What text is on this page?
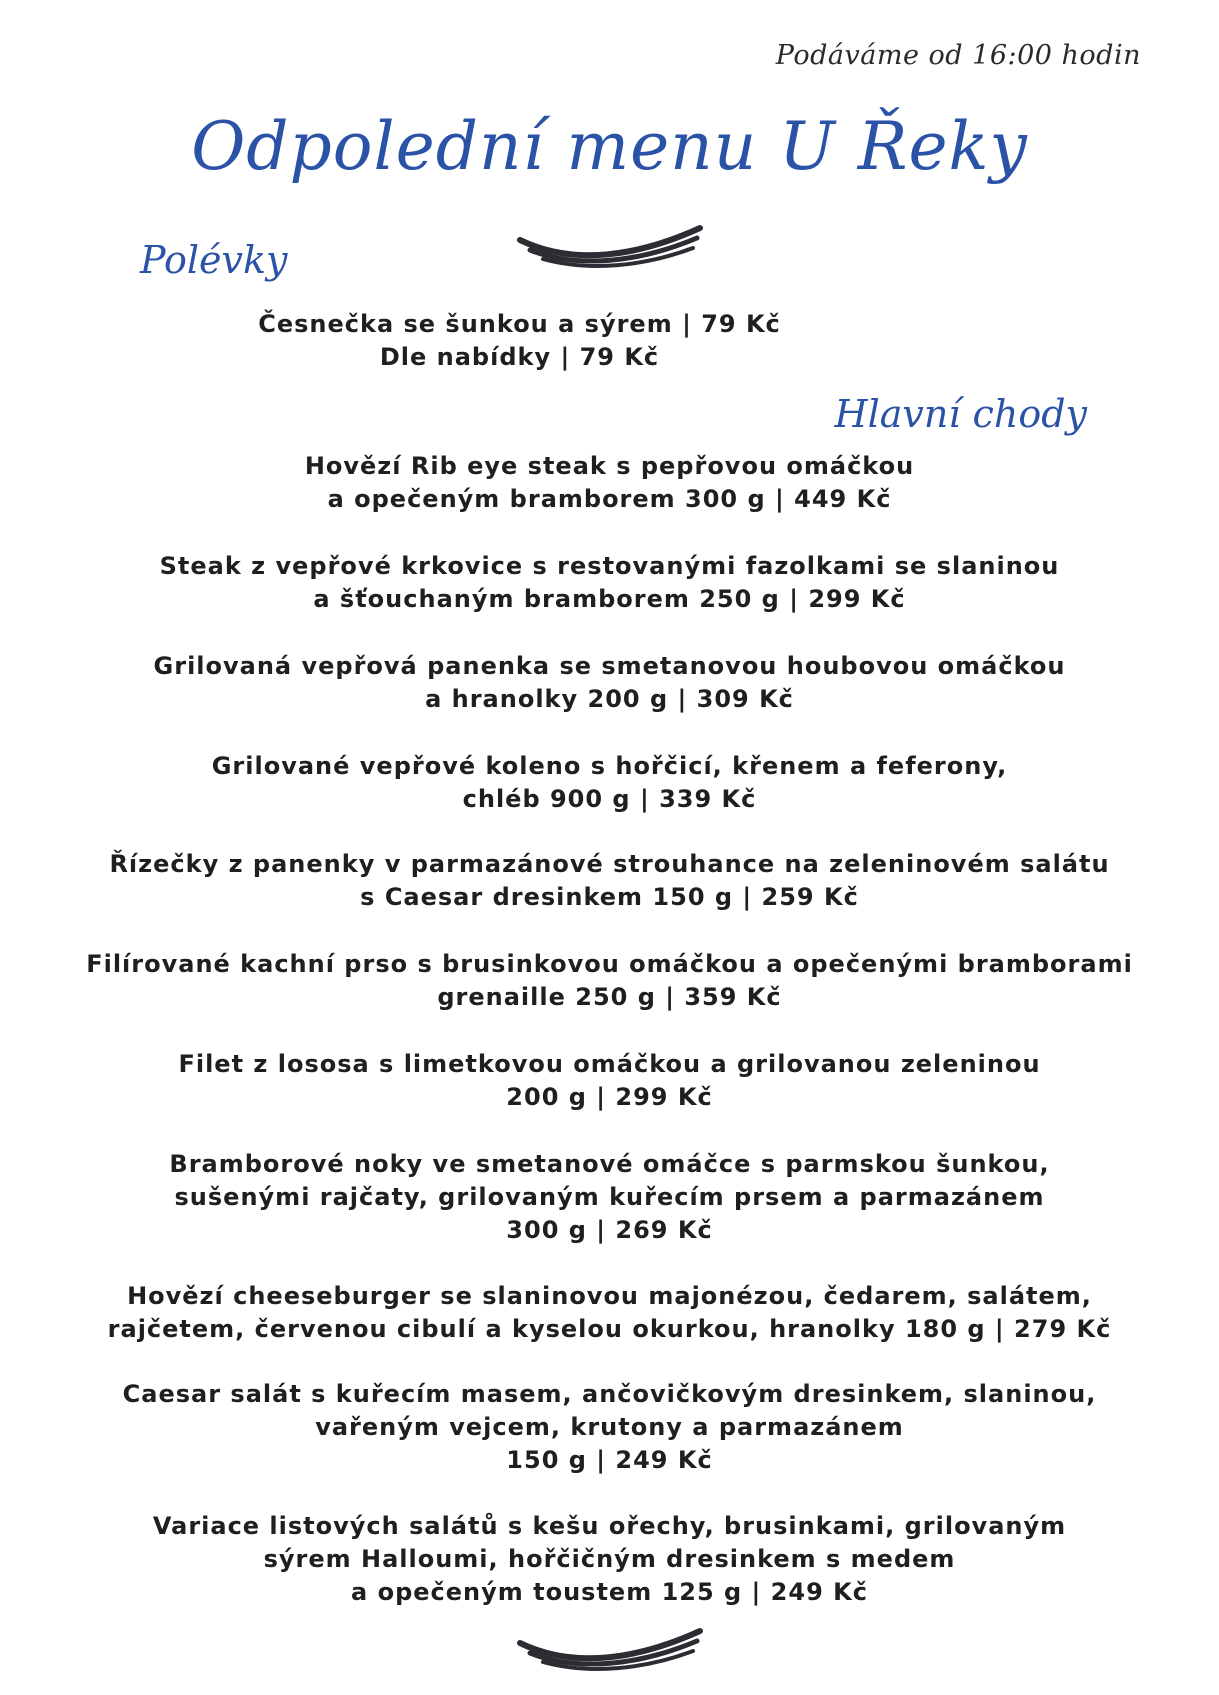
Podáváme od 16:00 hodin
Odpolední menu U Řeky
Polévky
Česnečka se šunkou a sýrem | 79 Kč
Dle nabídky | 79 Kč
Hlavní chody
Hovězí Rib eye steak s pepřovou omáčkou
a opečeným bramborem 300 g | 449 Kč
Steak z vepřové krkovice s restovanými fazolkami se slaninou
a šťouchaným bramborem 250 g | 299 Kč
Grilovaná vepřová panenka se smetanovou houbovou omáčkou
a hranolky 200 g | 309 Kč
Grilované vepřové koleno s hořčicí, křenem a feferony,
chléb 900 g | 339 Kč
Řízečky z panenky v parmazánové strouhance na zeleninovém salátu
s Caesar dresinkem 150 g | 259 Kč
Filírované kachní prso s brusinkovou omáčkou a opečenými bramborami
grenaille 250 g | 359 Kč
Filet z lososa s limetkovou omáčkou a grilovanou zeleninou
200 g | 299 Kč
Bramborové noky ve smetanové omáčce s parmskou šunkou,
sušenými rajčaty, grilovaným kuřecím prsem a parmazánem
300 g | 269 Kč
Hovězí cheeseburger se slaninovou majonézou, čedarem, salátem,
rajčetem, červenou cibulí a kyselou okurkou, hranolky 180 g | 279 Kč
Caesar salát s kuřecím masem, ančovičkovým dresinkem, slaninou,
vařeným vejcem, krutony a parmazánem
150 g | 249 Kč
Variace listových salátů s kešu ořechy, brusinkami, grilovaným
sýrem Halloumi, hořčičným dresinkem s medem
a opečeným toustem 125 g | 249 Kč
